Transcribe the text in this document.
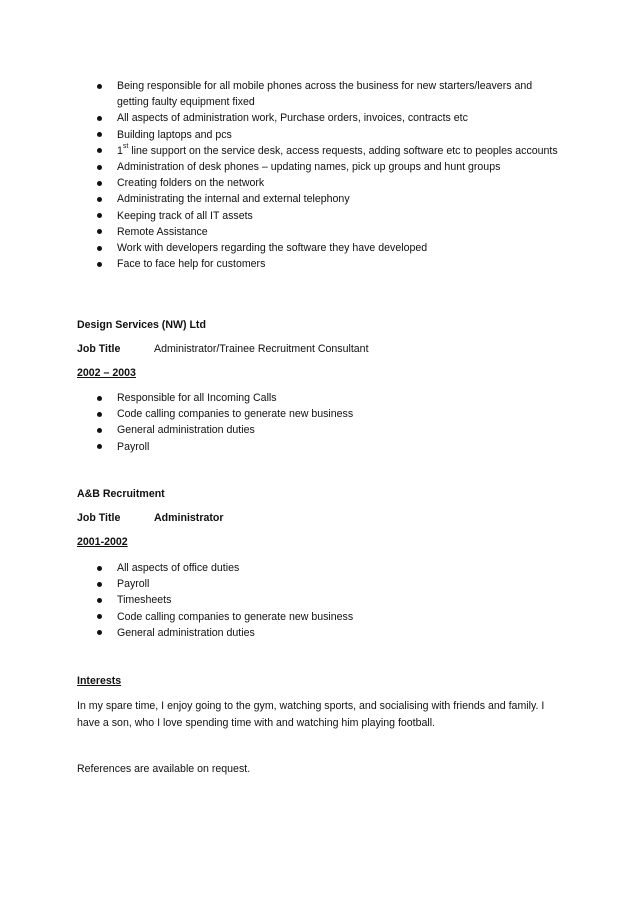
Being responsible for all mobile phones across the business for new starters/leavers and getting faulty equipment fixed
All aspects of administration work, Purchase orders, invoices, contracts etc
Building laptops and pcs
1st line support on the service desk, access requests, adding software etc to peoples accounts
Administration of desk phones – updating names, pick up groups and hunt groups
Creating folders on the network
Administrating the internal and external telephony
Keeping track of all IT assets
Remote Assistance
Work with developers regarding the software they have developed
Face to face help for customers
Design Services (NW) Ltd
Job Title	Administrator/Trainee Recruitment Consultant
2002 – 2003
Responsible for all Incoming Calls
Code calling companies to generate new business
General administration duties
Payroll
A&B Recruitment
Job Title	Administrator
2001-2002
All aspects of office duties
Payroll
Timesheets
Code calling companies to generate new business
General administration duties
Interests
In my spare time, I enjoy going to the gym, watching sports, and socialising with friends and family. I have a son, who I love spending time with and watching him playing football.
References are available on request.
